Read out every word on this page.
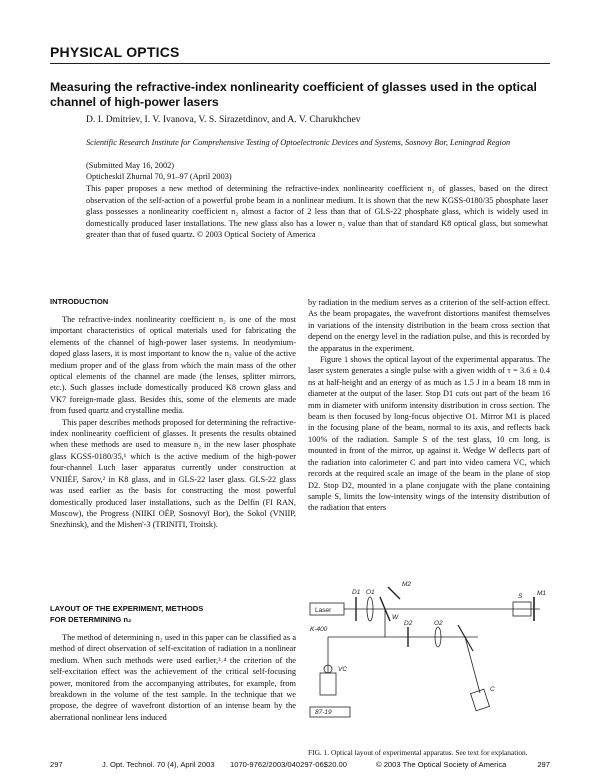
PHYSICAL OPTICS
Measuring the refractive-index nonlinearity coefficient of glasses used in the optical channel of high-power lasers
D. I. Dmitriev, I. V. Ivanova, V. S. Sirazetdinov, and A. V. Charukhchev
Scientific Research Institute for Comprehensive Testing of Optoelectronic Devices and Systems, Sosnovy Bor, Leningrad Region
(Submitted May 16, 2002)
Opticheskiĭ Zhurnal 70, 91–97 (April 2003)
This paper proposes a new method of determining the refractive-index nonlinearity coefficient n₂ of glasses, based on the direct observation of the self-action of a powerful probe beam in a nonlinear medium. It is shown that the new KGSS-0180/35 phosphate laser glass possesses a nonlinearity coefficient n₂ almost a factor of 2 less than that of GLS-22 phosphate glass, which is widely used in domestically produced laser installations. The new glass also has a lower n₂ value than that of standard K8 optical glass, but somewhat greater than that of fused quartz. © 2003 Optical Society of America
INTRODUCTION

The refractive-index nonlinearity coefficient n₂ is one of the most important characteristics of optical materials used for fabricating the elements of the channel of high-power laser systems. In neodymium-doped glass lasers, it is most important to know the n₂ value of the active medium proper and of the glass from which the main mass of the other optical elements of the channel are made (the lenses, splitter mirrors, etc.). Such glasses include domestically produced K8 crown glass and VK7 foreign-made glass. Besides this, some of the elements are made from fused quartz and crystalline media.

This paper describes methods proposed for determining the refractive-index nonlinearity coefficient of glasses. It presents the results obtained when these methods are used to measure n₂ in the new laser phosphate glass KGSS-0180/35,¹ which is the active medium of the high-power four-channel Luch laser apparatus currently under construction at VNIIÉF, Sarov,² in K8 glass, and in GLS-22 laser glass. GLS-22 glass was used earlier as the basis for constructing the most powerful domestically produced laser installations, such as the Delfin (FI RAN, Moscow), the Progress (NIIKI OÉP, Sosnovyĭ Bor), the Sokol (VNIIP, Snezhinsk), and the Mishen'-3 (TRINITI, Troitsk).

LAYOUT OF THE EXPERIMENT, METHODS
FOR DETERMINING n₂

The method of determining n₂ used in this paper can be classified as a method of direct observation of self-excitation of radiation in a nonlinear medium. When such methods were used earlier,³˒⁴ the criterion of the self-excitation effect was the achievement of the critical self-focusing power, monitored from the accompanying attributes, for example, from breakdown in the volume of the test sample. In the technique that we propose, the degree of wavefront distortion of an intense beam by the aberrational nonlinear lens induced

by radiation in the medium serves as a criterion of the self-action effect. As the beam propagates, the wavefront distortions manifest themselves in variations of the intensity distribution in the beam cross section that depend on the energy level in the radiation pulse, and this is recorded by the apparatus in the experiment.

Figure 1 shows the optical layout of the experimental apparatus. The laser system generates a single pulse with a given width of τ = 3.6 ± 0.4 ns at half-height and an energy of as much as 1.5 J in a beam 18 mm in diameter at the output of the laser. Stop D1 cuts out part of the beam 16 mm in diameter with uniform intensity distribution in cross section. The beam is then focused by long-focus objective O1. Mirror M1 is placed in the focusing plane of the beam, normal to its axis, and reflects back 100% of the radiation. Sample S of the test glass, 10 cm long, is mounted in front of the mirror, up against it. Wedge W deflects part of the radiation into calorimeter C and part into video camera VC, which records at the required scale an image of the beam in the plane of stop D2. Stop D2, mounted in a plane conjugate with the plane containing sample S, limits the low-intensity wings of the intensity distribution of the radiation that enters

Laser
D1 O1
M2
W
S M1
VC
K-400
D2	O2
C
87-19
FIG. 1. Optical layout of experimental apparatus. See text for explanation.
297	J. Opt. Technol. 70 (4), April 2003 1070-9762/2003/040297-06$20.00	© 2003 The Optical Society of America	297
